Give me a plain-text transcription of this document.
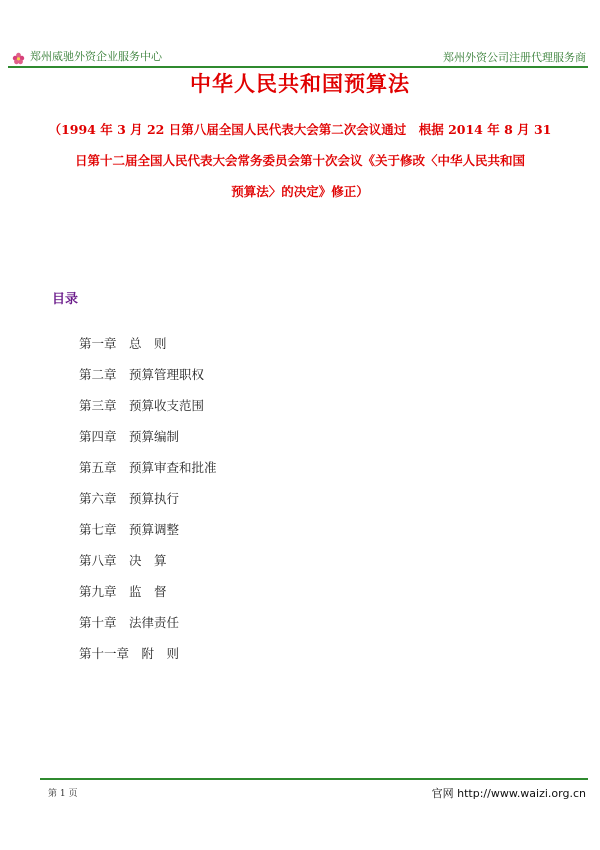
郑州威驰外资企业服务中心	郑州外资公司注册代理服务商
中华人民共和国预算法
（1994 年 3 月 22 日第八届全国人民代表大会第二次会议通过　根据 2014 年 8 月 31
日第十二届全国人民代表大会常务委员会第十次会议《关于修改〈中华人民共和国
预算法〉的决定》修正）
目录
第一章　总　则
第二章　预算管理职权
第三章　预算收支范围
第四章　预算编制
第五章　预算审查和批准
第六章　预算执行
第七章　预算调整
第八章　决　算
第九章　监　督
第十章　法律责任
第十一章　附　则
第 1 页	官网 http://www.waizi.org.cn
